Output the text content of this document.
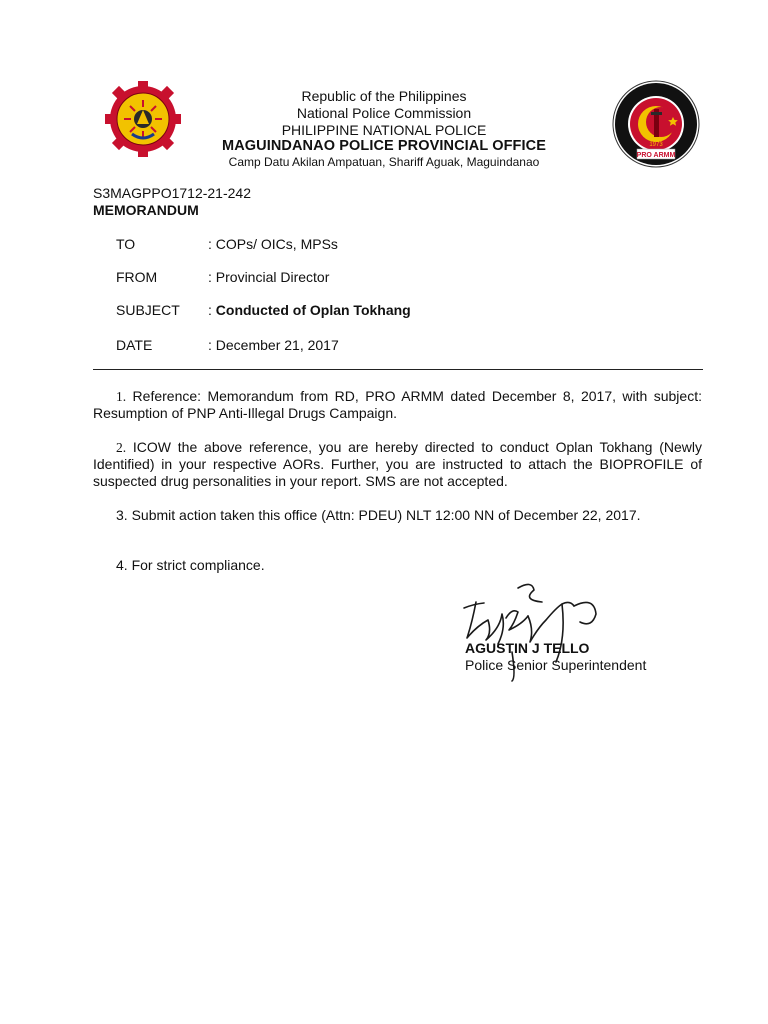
PRO ARMM
1973
Republic of the Philippines
National Police Commission
PHILIPPINE NATIONAL POLICE
MAGUINDANAO POLICE PROVINCIAL OFFICE
Camp Datu Akilan Ampatuan, Shariff Aguak, Maguindanao
S3MAGPPO1712-21-242
MEMORANDUM
TO	: COPs/ OICs, MPSs
FROM	: Provincial Director
SUBJECT : Conducted of Oplan Tokhang
DATE	: December 21, 2017
1. Reference: Memorandum from RD, PRO ARMM dated December 8, 2017, with subject: Resumption of PNP Anti-Illegal Drugs Campaign.
2. ICOW the above reference, you are hereby directed to conduct Oplan Tokhang (Newly Identified) in your respective AORs. Further, you are instructed to attach the BIOPROFILE of suspected drug personalities in your report. SMS are not accepted.
3. Submit action taken this office (Attn: PDEU) NLT 12:00 NN of December 22, 2017.
4. For strict compliance.
AGUSTIN J TELLO
Police Senior Superintendent
